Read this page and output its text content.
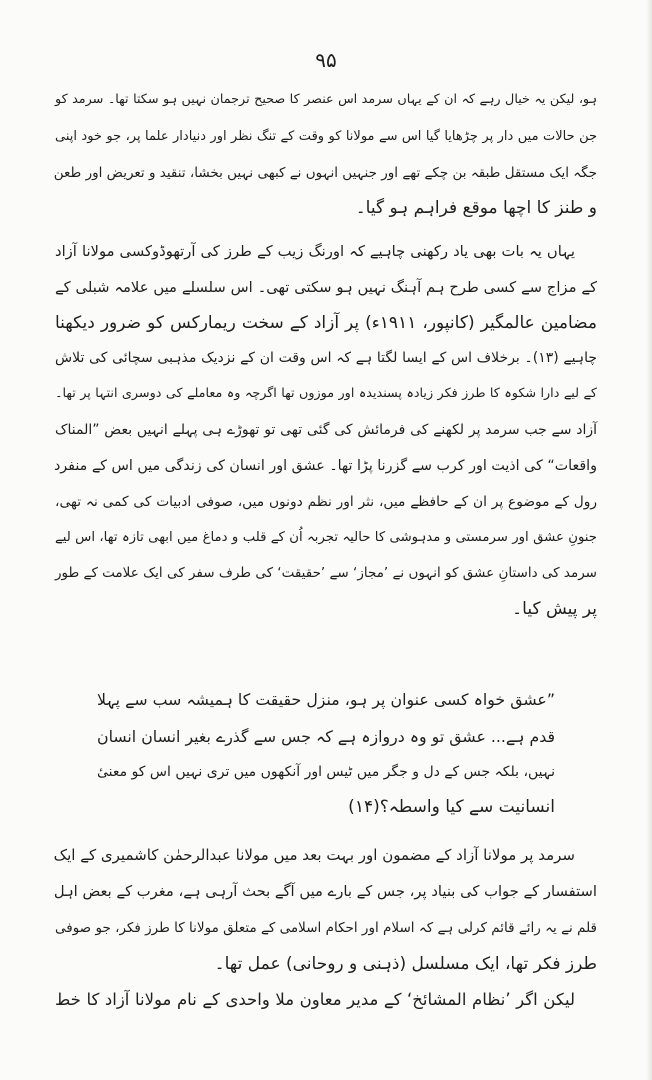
۹۵
ہو، لیکن یہ خیال رہے کہ ان کے یہاں سرمد اس عنصر کا صحیح ترجمان نہیں ہو سکتا تھا۔ سرمد کو
جن حالات میں دار پر چڑھایا گیا اس سے مولانا کو وقت کے تنگ نظر اور دنیادار علما پر، جو خود اپنی
جگہ ایک مستقل طبقہ بن چکے تھے اور جنہیں انہوں نے کبھی نہیں بخشا، تنقید و تعریض اور طعن
و طنز کا اچھا موقع فراہم ہو گیا۔
یہاں یہ بات بھی یاد رکھنی چاہیے کہ اورنگ زیب کے طرز کی آرتھوڈوکسی مولانا آزاد
کے مزاج سے کسی طرح ہم آہنگ نہیں ہو سکتی تھی۔ اس سلسلے میں علامہ شبلی کے
مضامین عالمگیر (کانپور، ۱۹۱۱ء) پر آزاد کے سخت ریمارکس کو ضرور دیکھنا
چاہیے (۱۳)۔ برخلاف اس کے ایسا لگتا ہے کہ اس وقت ان کے نزدیک مذہبی سچائی کی تلاش
کے لیے دارا شکوہ کا طرز فکر زیادہ پسندیدہ اور موزوں تھا اگرچہ وہ معاملے کی دوسری انتہا پر تھا۔
آزاد سے جب سرمد پر لکھنے کی فرمائش کی گئی تھی تو تھوڑے ہی پہلے انہیں بعض ”المناک
واقعات“ کی اذیت اور کرب سے گزرنا پڑا تھا۔ عشق اور انسان کی زندگی میں اس کے منفرد
رول کے موضوع پر ان کے حافظے میں، نثر اور نظم دونوں میں، صوفی ادبیات کی کمی نہ تھی،
جنونِ عشق اور سرمستی و مدہوشی کا حالیہ تجربہ اُن کے قلب و دماغ میں ابھی تازہ تھا، اس لیے
سرمد کی داستانِ عشق کو انہوں نے ’مجاز‘ سے ’حقیقت‘ کی طرف سفر کی ایک علامت کے طور
پر پیش کیا۔
”عشق خواہ کسی عنوان پر ہو، منزل حقیقت کا ہمیشہ سب سے پہلا
قدم ہے... عشق تو وہ دروازہ ہے کہ جس سے گذرے بغیر انسان انسان
نہیں، بلکہ جس کے دل و جگر میں ٹیس اور آنکھوں میں تری نہیں اس کو معنیٔ
انسانیت سے کیا واسطہ؟(۱۴)
سرمد پر مولانا آزاد کے مضمون اور بہت بعد میں مولانا عبدالرحمٰن کاشمیری کے ایک
استفسار کے جواب کی بنیاد پر، جس کے بارے میں آگے بحث آرہی ہے، مغرب کے بعض اہل
قلم نے یہ رائے قائم کرلی ہے کہ اسلام اور احکام اسلامی کے متعلق مولانا کا طرز فکر، جو صوفی
طرز فکر تھا، ایک مسلسل (ذہنی و روحانی) عمل تھا۔
لیکن اگر ’نظام المشائخ‘ کے مدیر معاون ملا واحدی کے نام مولانا آزاد کا خط
